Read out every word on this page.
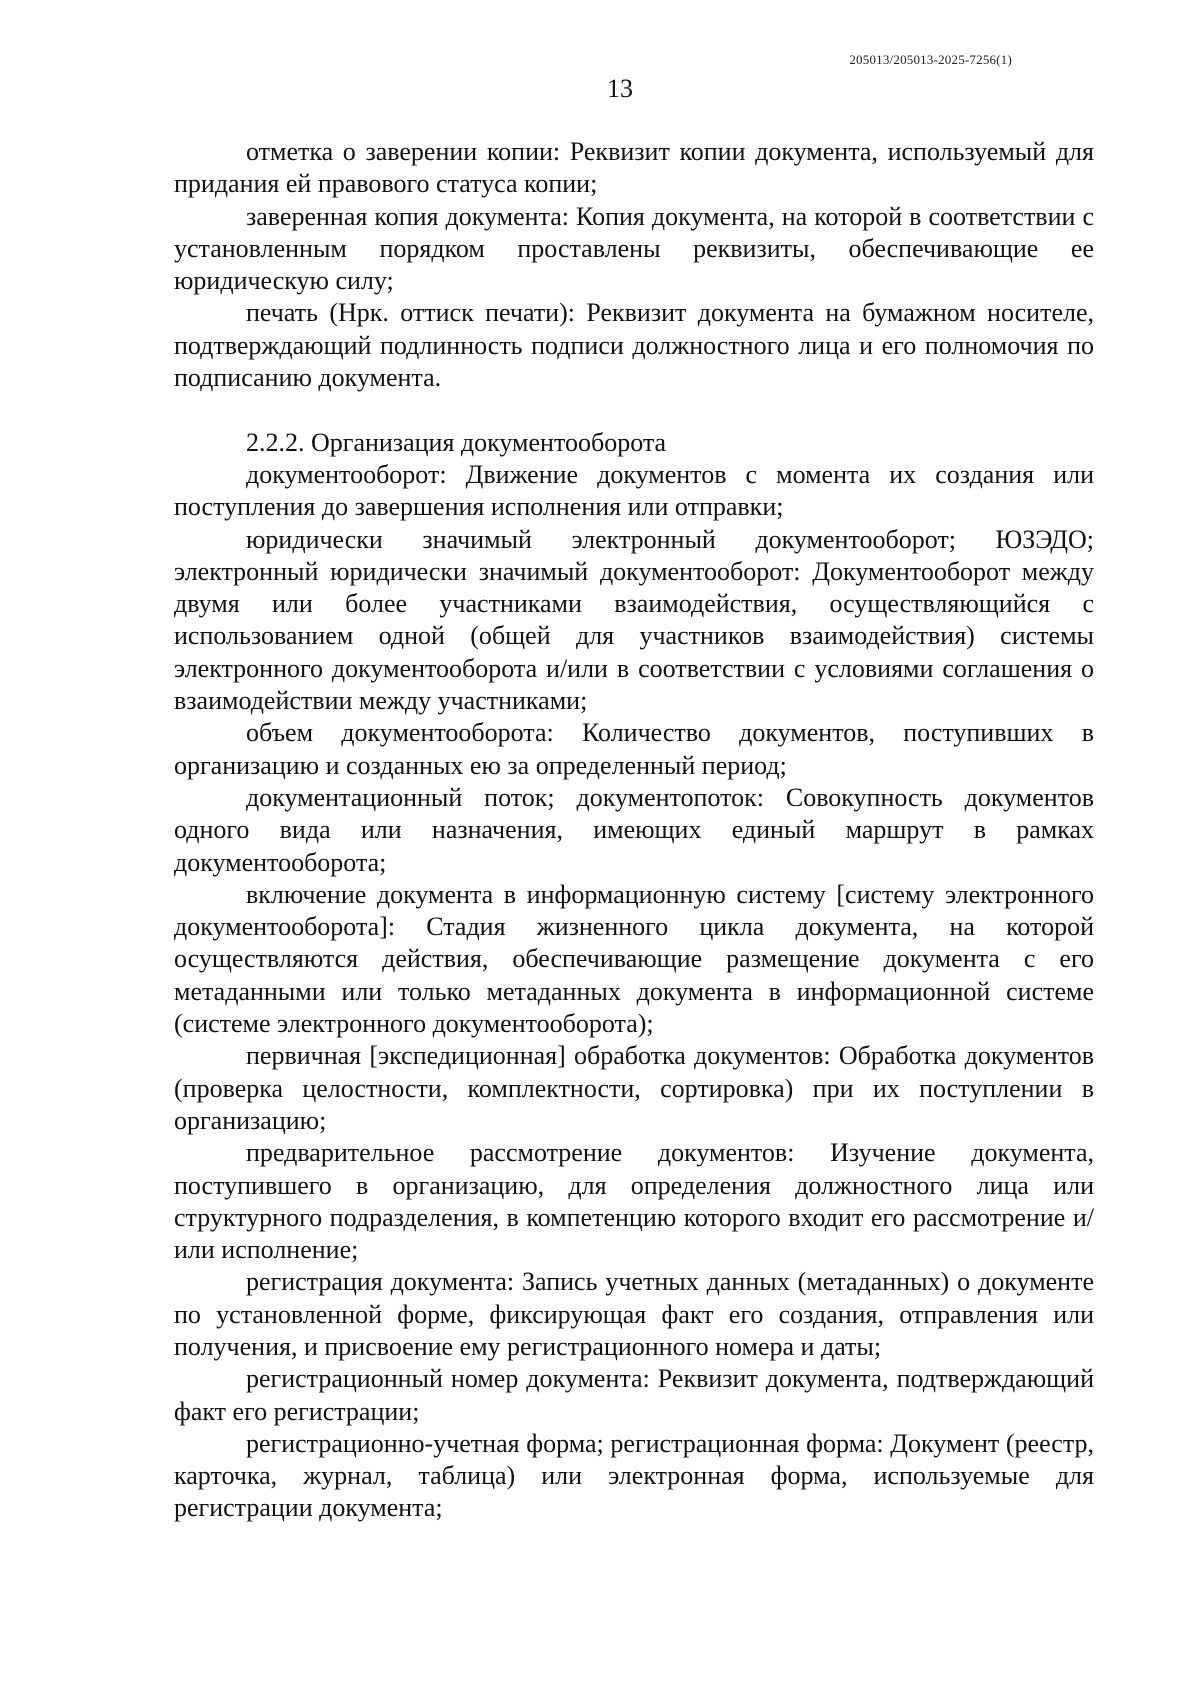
205013/205013-2025-7256(1)
13

отметка о заверении копии: Реквизит копии документа, используемый для придания ей правового статуса копии;

заверенная копия документа: Копия документа, на которой в соответствии с установленным порядком проставлены реквизиты, обеспечивающие ее юридическую силу;

печать (Нрк. оттиск печати): Реквизит документа на бумажном носителе, подтверждающий подлинность подписи должностного лица и его полномочия по подписанию документа.

2.2.2. Организация документооборота

документооборот: Движение документов с момента их создания или поступления до завершения исполнения или отправки;

юридически значимый электронный документооборот; ЮЗЭДО; электронный юридически значимый документооборот: Документооборот между двумя или более участниками взаимодействия, осуществляющийся с использованием одной (общей для участников взаимодействия) системы электронного документооборота и/или в соответствии с условиями соглашения о взаимодействии между участниками;

объем документооборота: Количество документов, поступивших в организацию и созданных ею за определенный период;

документационный поток; документопоток: Совокупность документов одного вида или назначения, имеющих единый маршрут в рамках документооборота;

включение документа в информационную систему [систему электронного документооборота]: Стадия жизненного цикла документа, на которой осуществляются действия, обеспечивающие размещение документа с его метаданными или только метаданных документа в информационной системе (системе электронного документооборота);

первичная [экспедиционная] обработка документов: Обработка документов (проверка целостности, комплектности, сортировка) при их поступлении в организацию;

предварительное рассмотрение документов: Изучение документа, поступившего в организацию, для определения должностного лица или структурного подразделения, в компетенцию которого входит его рассмотрение и/или исполнение;

регистрация документа: Запись учетных данных (метаданных) о документе по установленной форме, фиксирующая факт его создания, отправления или получения, и присвоение ему регистрационного номера и даты;

регистрационный номер документа: Реквизит документа, подтверждающий факт его регистрации;

регистрационно-учетная форма; регистрационная форма: Документ (реестр, карточка, журнал, таблица) или электронная форма, используемые для регистрации документа;
